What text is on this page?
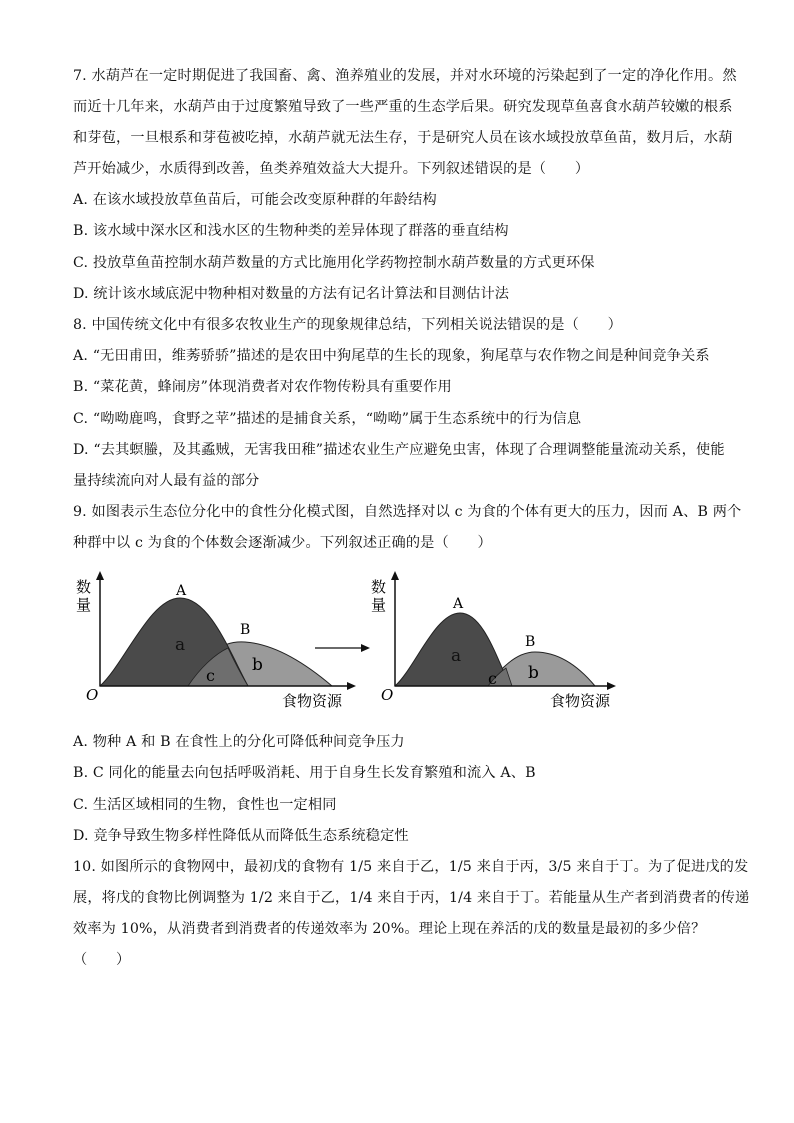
7. 水葫芦在一定时期促进了我国畜、禽、渔养殖业的发展，并对水环境的污染起到了一定的净化作用。然
而近十几年来，水葫芦由于过度繁殖导致了一些严重的生态学后果。研究发现草鱼喜食水葫芦较嫩的根系
和芽苞，一旦根系和芽苞被吃掉，水葫芦就无法生存，于是研究人员在该水域投放草鱼苗，数月后，水葫
芦开始减少，水质得到改善，鱼类养殖效益大大提升。下列叙述错误的是（　　）
A. 在该水域投放草鱼苗后，可能会改变原种群的年龄结构
B. 该水域中深水区和浅水区的生物种类的差异体现了群落的垂直结构
C. 投放草鱼苗控制水葫芦数量的方式比施用化学药物控制水葫芦数量的方式更环保
D. 统计该水域底泥中物种相对数量的方法有记名计算法和目测估计法
8. 中国传统文化中有很多农牧业生产的现象规律总结，下列相关说法错误的是（　　）
A. “无田甫田，维莠骄骄”描述的是农田中狗尾草的生长的现象，狗尾草与农作物之间是种间竞争关系
B. “菜花黄，蜂闹房”体现消费者对农作物传粉具有重要作用
C. “呦呦鹿鸣，食野之苹”描述的是捕食关系，“呦呦”属于生态系统中的行为信息
D. “去其螟螣，及其蟊贼，无害我田稚”描述农业生产应避免虫害，体现了合理调整能量流动关系，使能
量持续流向对人最有益的部分
9. 如图表示生态位分化中的食性分化模式图，自然选择对以 c 为食的个体有更大的压力，因而 A、B 两个
种群中以 c 为食的个体数会逐渐减少。下列叙述正确的是（　　）
O
数
量
A
B
a
b
c
食物资源	O
数
量	A
B
a
b
c
食物资源
A. 物种 A 和 B 在食性上的分化可降低种间竞争压力
B. C 同化的能量去向包括呼吸消耗、用于自身生长发育繁殖和流入 A、B
C. 生活区域相同的生物，食性也一定相同
D. 竞争导致生物多样性降低从而降低生态系统稳定性
10. 如图所示的食物网中，最初戊的食物有 1/5 来自于乙，1/5 来自于丙，3/5 来自于丁。为了促进戊的发
展，将戊的食物比例调整为 1/2 来自于乙，1/4 来自于丙，1/4 来自于丁。若能量从生产者到消费者的传递
效率为 10%，从消费者到消费者的传递效率为 20%。理论上现在养活的戊的数量是最初的多少倍？
（　　）
